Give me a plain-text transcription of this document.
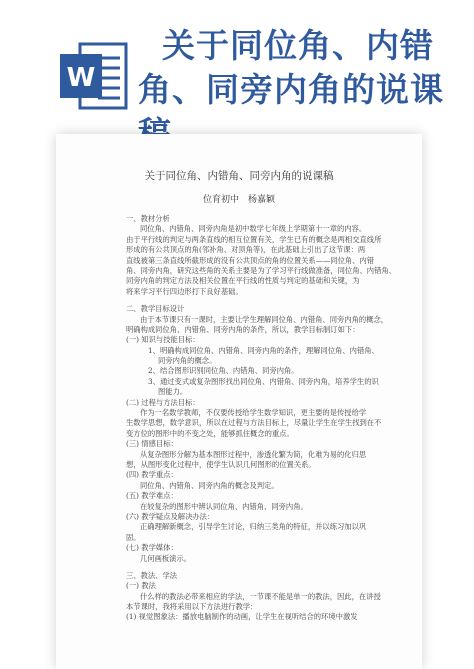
W
关于同位角、内错
角、同旁内角的说课
关于同位角、内错角、同旁内角的说课稿
位育初中　杨嘉颖
一、教材分析
同位角、内错角、同旁内角是初中数学七年级上学期第十一章的内容。
由于平行线的判定与两条直线的相互位置有关，学生已有的概念是两相交直线所
形成的有公共顶点的角(邻补角、对顶角等)，在此基础上引出了这节课：两
直线被第三条直线所截形成的没有公共顶点的角的位置关系——同位角、内错
角、同旁内角，研究这些角的关系主要是为了学习平行线做准备，同位角、内错角、
同旁内角的判定方法及相关位置在平行线的性质与判定的基础和关键，为
将来学习平行四边形打下良好基础。
二、教学目标设计
由于本节课只有一课时，主要让学生理解同位角、内错角、同旁内角的概念，
明确构成同位角、内错角、同旁内角的条件，所以，教学目标制订如下：
(一) 知识与技能目标：
1、明确构成同位角、内错角、同旁内角的条件，理解同位角、内错角、
同旁内角的概念。
2、结合图形识别同位角、内错角、同旁内角。
3、通过变式或复杂图形找出同位角、内错角、同旁内角，培养学生的识
图能力。
(二) 过程与方法目标：
作为一名数学教师，不仅要传授给学生数学知识，更主要的是传授给学
生数学思想，数学意识，所以在过程与方法目标上，尽量让学生在学生找到在不
变方位的图形中的不变之处，能够抓住概念的重点。
(三) 情感目标：
从复杂图形分解为基本图形过程中，渗透化繁为简，化难为易的化归思
想，从图形变化过程中，使学生认识几何图形的位置关系。
(四) 教学重点：
同位角、内错角、同旁内角的概念及判定。
(五) 教学难点：
在较复杂的图形中辨认同位角、内错角、同旁内角。
(六) 教学疑点及解决办法：
正确理解新概念，引导学生讨论，归纳三类角的特征，并以练习加以巩
固。
(七) 教学媒体：
几何画板演示。
三、教法、学法
(一) 教法
什么样的教法必带来相应的学法，一节课不能是单一的教法，因此，在讲授
本节课时，我将采用以下方法进行教学：
(1) 视觉图象法：播放电脑制作的动画，让学生在视听结合的环境中激发
